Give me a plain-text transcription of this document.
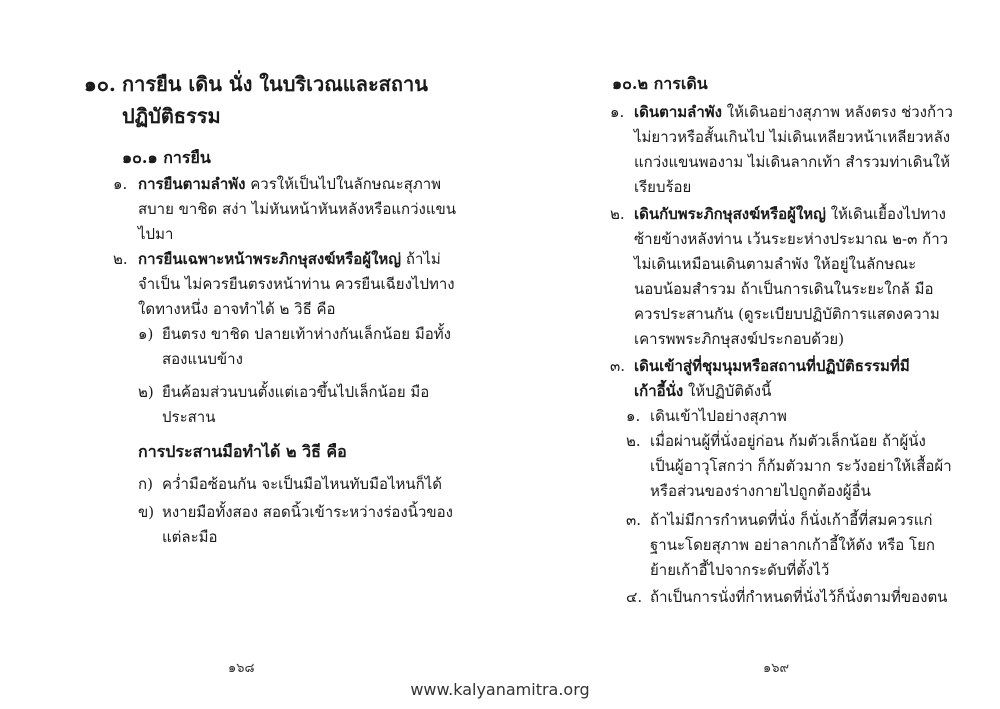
๑๐. การยืน เดิน นั่ง ในบริเวณและสถาน
ปฏิบัติธรรม
๑๐.๑ การยืน
๑. การยืนตามลำพัง ควรให้เป็นไปในลักษณะสุภาพ
สบาย ขาชิด สง่า ไม่หันหน้าหันหลังหรือแกว่งแขน
ไปมา
๒. การยืนเฉพาะหน้าพระภิกษุสงฆ์หรือผู้ใหญ่ ถ้าไม่
จำเป็น ไม่ควรยืนตรงหน้าท่าน ควรยืนเฉียงไปทาง
ใดทางหนึ่ง อาจทำได้ ๒ วิธี คือ
๑) ยืนตรง ขาชิด ปลายเท้าห่างกันเล็กน้อย มือทั้ง
สองแนบข้าง
๒) ยืนค้อมส่วนบนตั้งแต่เอวขึ้นไปเล็กน้อย มือ
ประสาน
การประสานมือทำได้ ๒ วิธี คือ
ก) คว่ำมือซ้อนกัน จะเป็นมือไหนทับมือไหนก็ได้
ข) หงายมือทั้งสอง สอดนิ้วเข้าระหว่างร่องนิ้วของ
แต่ละมือ
๑๖๘
๑๐.๒ การเดิน
๑. เดินตามลำพัง ให้เดินอย่างสุภาพ หลังตรง ช่วงก้าว
ไม่ยาวหรือสั้นเกินไป ไม่เดินเหลียวหน้าเหลียวหลัง
แกว่งแขนพองาม ไม่เดินลากเท้า สำรวมท่าเดินให้
เรียบร้อย
๒. เดินกับพระภิกษุสงฆ์หรือผู้ใหญ่ ให้เดินเยื้องไปทาง
ซ้ายข้างหลังท่าน เว้นระยะห่างประมาณ ๒-๓ ก้าว
ไม่เดินเหมือนเดินตามลำพัง ให้อยู่ในลักษณะ
นอบน้อมสำรวม ถ้าเป็นการเดินในระยะใกล้ มือ
ควรประสานกัน (ดูระเบียบปฏิบัติการแสดงความ
เคารพพระภิกษุสงฆ์ประกอบด้วย)
๓. เดินเข้าสู่ที่ชุมนุมหรือสถานที่ปฏิบัติธรรมที่มี
เก้าอี้นั่ง ให้ปฏิบัติดังนี้
๑. เดินเข้าไปอย่างสุภาพ
๒. เมื่อผ่านผู้ที่นั่งอยู่ก่อน ก้มตัวเล็กน้อย ถ้าผู้นั่ง
เป็นผู้อาวุโสกว่า ก็ก้มตัวมาก ระวังอย่าให้เสื้อผ้า
หรือส่วนของร่างกายไปถูกต้องผู้อื่น
๓. ถ้าไม่มีการกำหนดที่นั่ง ก็นั่งเก้าอี้ที่สมควรแก่
ฐานะโดยสุภาพ อย่าลากเก้าอี้ให้ดัง หรือ โยก
ย้ายเก้าอี้ไปจากระดับที่ตั้งไว้
๔. ถ้าเป็นการนั่งที่กำหนดที่นั่งไว้ก็นั่งตามที่ของตน
๑๖๙
www.kalyanamitra.org
